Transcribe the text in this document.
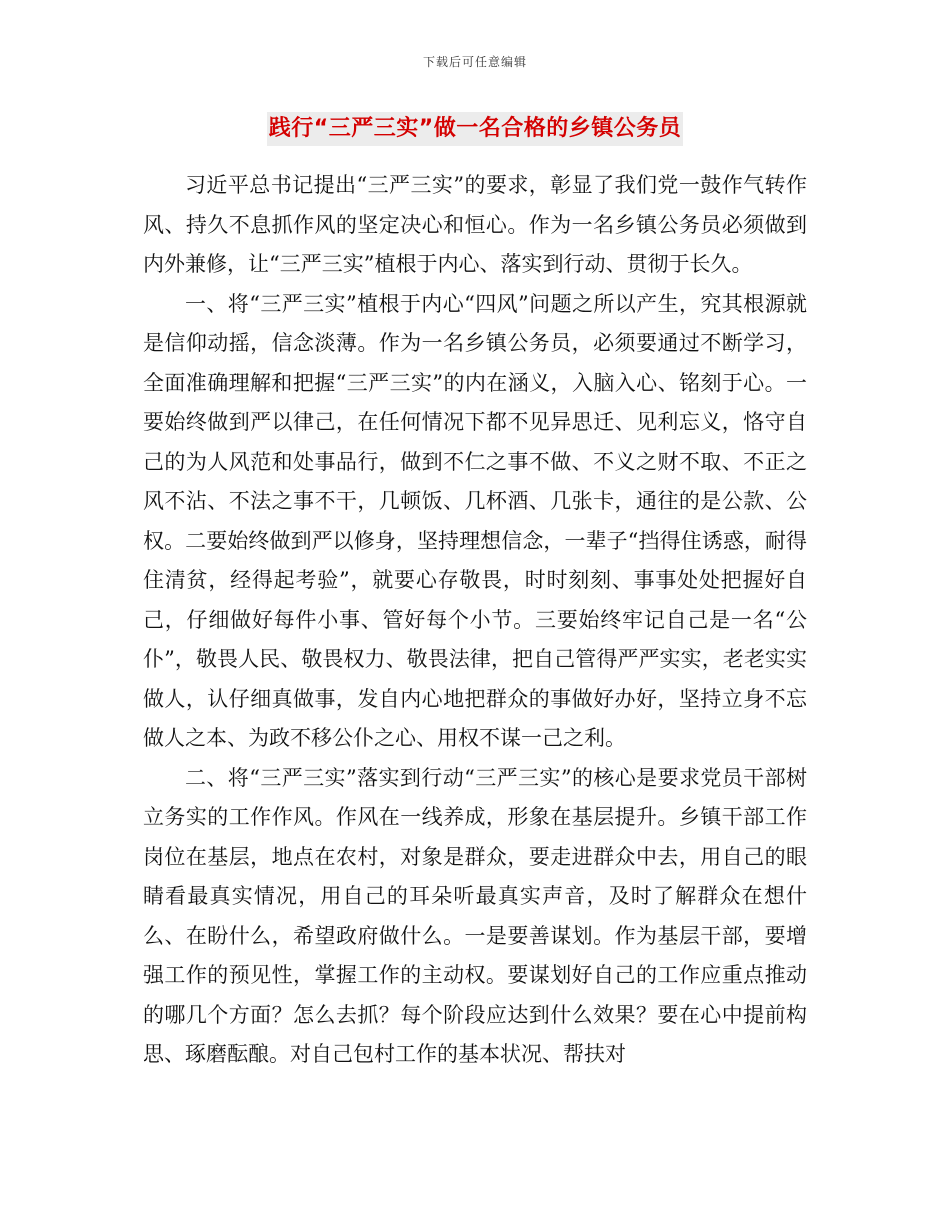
下载后可任意编辑
践行“三严三实”做一名合格的乡镇公务员

习近平总书记提出“三严三实”的要求，彰显了我们党一鼓作气转作风、持久不息抓作风的坚定决心和恒心。作为一名乡镇公务员必须做到内外兼修，让“三严三实”植根于内心、落实到行动、贯彻于长久。

一、将“三严三实”植根于内心“四风”问题之所以产生，究其根源就是信仰动摇，信念淡薄。作为一名乡镇公务员，必须要通过不断学习，全面准确理解和把握“三严三实”的内在涵义，入脑入心、铭刻于心。一要始终做到严以律己，在任何情况下都不见异思迁、见利忘义，恪守自己的为人风范和处事品行，做到不仁之事不做、不义之财不取、不正之风不沾、不法之事不干，几顿饭、几杯酒、几张卡，通往的是公款、公权。二要始终做到严以修身，坚持理想信念，一辈子“挡得住诱惑，耐得住清贫，经得起考验”，就要心存敬畏，时时刻刻、事事处处把握好自己，仔细做好每件小事、管好每个小节。三要始终牢记自己是一名“公仆”，敬畏人民、敬畏权力、敬畏法律，把自己管得严严实实，老老实实做人，认仔细真做事，发自内心地把群众的事做好办好，坚持立身不忘做人之本、为政不移公仆之心、用权不谋一己之利。

二、将“三严三实”落实到行动“三严三实”的核心是要求党员干部树立务实的工作作风。作风在一线养成，形象在基层提升。乡镇干部工作岗位在基层，地点在农村，对象是群众，要走进群众中去，用自己的眼睛看最真实情况，用自己的耳朵听最真实声音，及时了解群众在想什么、在盼什么，希望政府做什么。一是要善谋划。作为基层干部，要增强工作的预见性，掌握工作的主动权。要谋划好自己的工作应重点推动的哪几个方面？怎么去抓？每个阶段应达到什么效果？要在心中提前构思、琢磨酝酿。对自己包村工作的基本状况、帮扶对
